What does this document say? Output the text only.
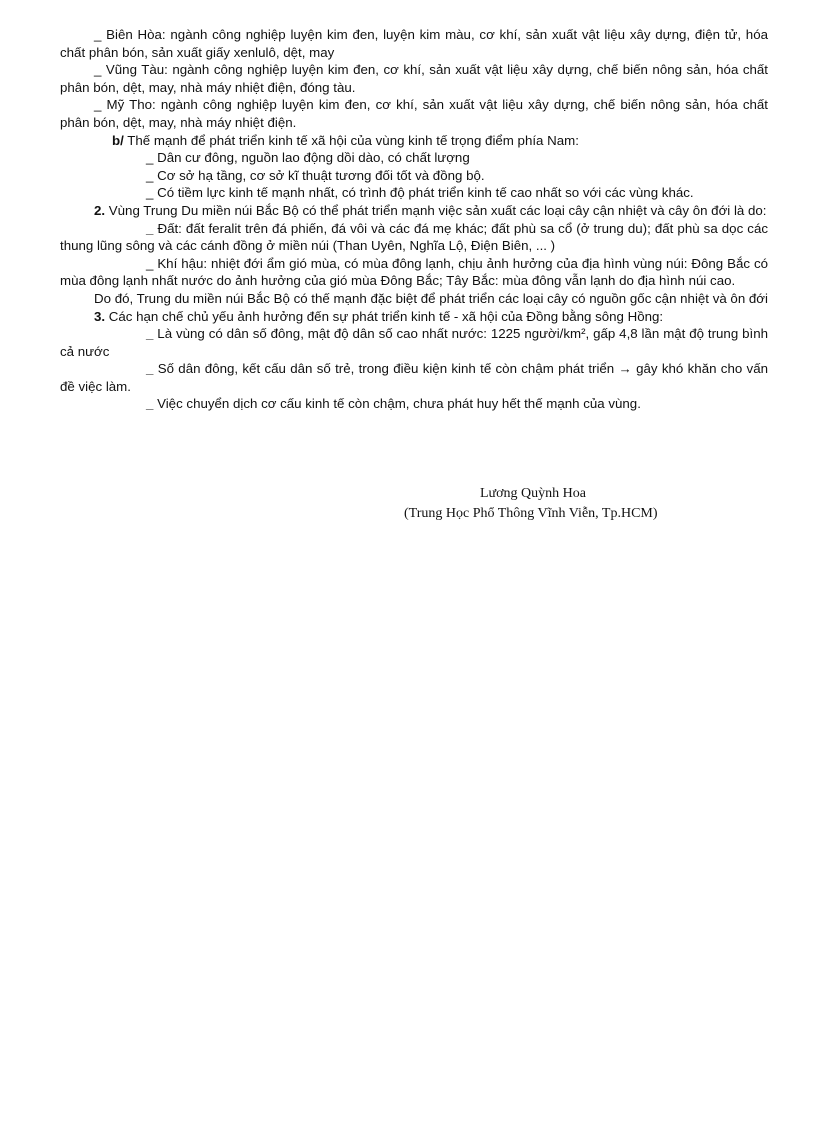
_ Biên Hòa: ngành công nghiệp luyện kim đen, luyện kim màu, cơ khí, sản xuất vật liệu xây dựng, điện tử, hóa chất phân bón, sản xuất giấy xenlulô, dệt, may

_ Vũng Tàu: ngành công nghiệp luyện kim đen, cơ khí, sản xuất vật liệu xây dựng, chế biến nông sản, hóa chất phân bón, dệt, may, nhà máy nhiệt điện, đóng tàu.

_ Mỹ Tho: ngành công nghiệp luyện kim đen, cơ khí, sản xuất vật liệu xây dựng, chế biến nông sản, hóa chất phân bón, dệt, may, nhà máy nhiệt điện.

b/ Thế mạnh để phát triển kinh tế xã hội của vùng kinh tế trọng điểm phía Nam:

_ Dân cư đông, nguồn lao động dồi dào, có chất lượng

_ Cơ sở hạ tầng, cơ sở kĩ thuật tương đối tốt và đồng bộ.

_ Có tiềm lực kinh tế mạnh nhất, có trình độ phát triển kinh tế cao nhất so với các vùng khác.

2. Vùng Trung Du miền núi Bắc Bộ có thể phát triển mạnh việc sản xuất các loại cây cận nhiệt và cây ôn đới là do:

_ Đất: đất feralit trên đá phiến, đá vôi và các đá mẹ khác; đất phù sa cổ (ở trung du); đất phù sa dọc các thung lũng sông và các cánh đồng ở miền núi (Than Uyên, Nghĩa Lộ, Điện Biên, ... )

_ Khí hậu: nhiệt đới ẩm gió mùa, có mùa đông lạnh, chịu ảnh hưởng của địa hình vùng núi: Đông Bắc có mùa đông lạnh nhất nước do ảnh hưởng của gió mùa Đông Bắc; Tây Bắc: mùa đông vẫn lạnh do địa hình núi cao.

Do đó, Trung du miền núi Bắc Bộ có thế mạnh đặc biệt để phát triển các loại cây có nguồn gốc cận nhiệt và ôn đới

3. Các hạn chế chủ yếu ảnh hưởng đến sự phát triển kinh tế - xã hội của Đồng bằng sông Hồng:

_ Là vùng có dân số đông, mật độ dân số cao nhất nước: 1225 người/km², gấp 4,8 lần mật độ trung bình cả nước

_ Số dân đông, kết cấu dân số trẻ, trong điều kiện kinh tế còn chậm phát triển → gây khó khăn cho vấn đề việc làm.

_ Việc chuyển dịch cơ cấu kinh tế còn chậm, chưa phát huy hết thế mạnh của vùng.

Lương Quỳnh Hoa
(Trung Học Phổ Thông Vĩnh Viễn, Tp.HCM)
